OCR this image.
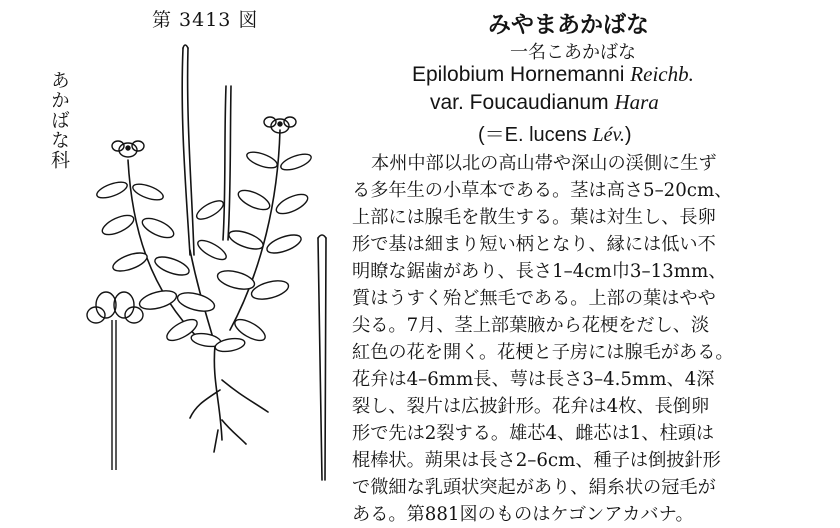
第 3413 図
あかばな科
みやまあかばな
一名こあかばな
Epilobium Hornemanni Reichb.
var. Foucaudianum Hara
(＝E. lucens Lév.)
本州中部以北の高山帯や深山の渓側に生ず
る多年生の小草本である。茎は高さ5–20cm、
上部には腺毛を散生する。葉は対生し、長卵
形で基は細まり短い柄となり、縁には低い不
明瞭な鋸歯があり、長さ1–4cm巾3–13mm、
質はうすく殆ど無毛である。上部の葉はやや
尖る。7月、茎上部葉腋から花梗をだし、淡
紅色の花を開く。花梗と子房には腺毛がある。
花弁は4–6mm長、萼は長さ3–4.5mm、4深
裂し、裂片は広披針形。花弁は4枚、長倒卵
形で先は2裂する。雄芯4、雌芯は1、柱頭は
棍棒状。蒴果は長さ2–6cm、種子は倒披針形
で微細な乳頭状突起があり、絹糸状の冠毛が
ある。第881図のものはケゴンアカバナ。
